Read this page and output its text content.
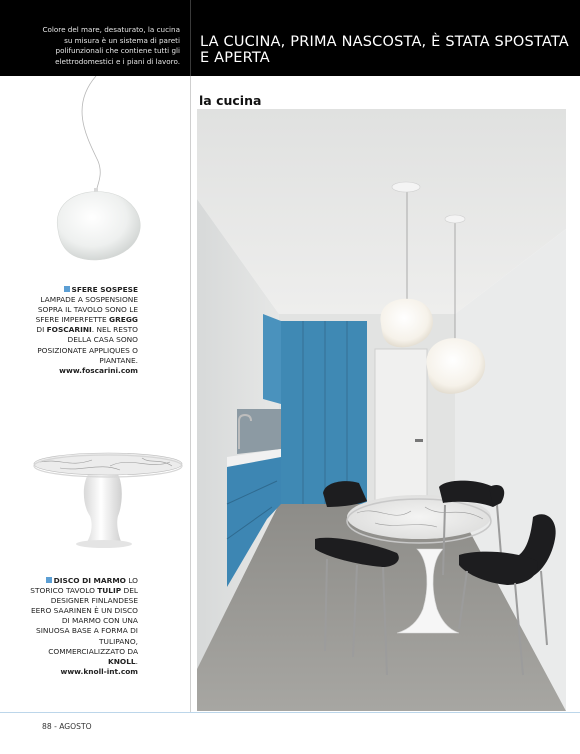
Colore del mare, desaturato, la cucina su misura è un sistema di pareti polifunzionali che contiene tutti gli elettrodomestici e i piani di lavoro.
LA CUCINA, PRIMA NASCOSTA, È STATA SPOSTATA E APERTA
SFERE SOSPESE LAMPADE A SOSPENSIONE SOPRA IL TAVOLO SONO LE SFERE IMPERFETTE GREGG DI FOSCARINI. NEL RESTO DELLA CASA SONO POSIZIONATE APPLIQUES O PIANTANE.
www.foscarini.com
DISCO DI MARMO LO STORICO TAVOLO TULIP DEL DESIGNER FINLANDESE EERO SAARINEN È UN DISCO DI MARMO CON UNA SINUOSA BASE A FORMA DI TULIPANO, COMMERCIALIZZATO DA KNOLL.
www.knoll-int.com
la cucina
88 - AGOSTO
